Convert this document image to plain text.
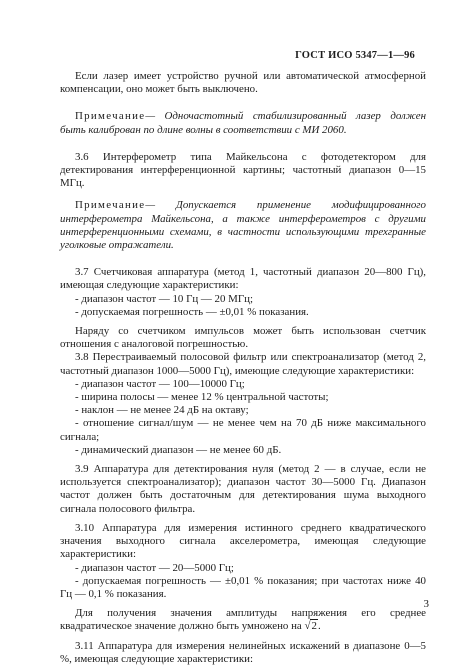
ГОСТ ИСО 5347—1—96

Если лазер имеет устройство ручной или автоматической атмосферной компенсации, оно может быть выключено.

Примечание— Одночастотный стабилизированный лазер должен быть калиброван по длине волны в соответствии с МИ 2060.

3.6 Интерферометр типа Майкельсона с фотодетектором для детектирования интерференционной картины; частотный диапазон 0—15 МГц.

Примечание— Допускается применение модифицированного интерферометра Майкельсона, а также интерферометров с другими интерференционными схемами, в частности использующими трехгранные уголковые отражатели.

3.7 Счетчиковая аппаратура (метод 1, частотный диапазон 20—800 Гц), имеющая следующие характеристики:

- диапазон частот — 10 Гц — 20 МГц;

- допускаемая погрешность — ±0,01 % показания.

Наряду со счетчиком импульсов может быть использован счетчик отношения с аналоговой погрешностью.

3.8 Перестраиваемый полосовой фильтр или спектроанализатор (метод 2, частотный диапазон 1000—5000 Гц), имеющие следующие характеристики:

- диапазон частот — 100—10000 Гц;

- ширина полосы — менее 12 % центральной частоты;

- наклон — не менее 24 дБ на октаву;

- отношение сигнал/шум — не менее чем на 70 дБ ниже максимального сигнала;

- динамический диапазон — не менее 60 дБ.

3.9 Аппаратура для детектирования нуля (метод 2 — в случае, если не используется спектроанализатор); диапазон частот 30—5000 Гц. Диапазон частот должен быть достаточным для детектирования шума выходного сигнала полосового фильтра.

3.10 Аппаратура для измерения истинного среднего квадратического значения выходного сигнала акселерометра, имеющая следующие характеристики:

- диапазон частот — 20—5000 Гц;

- допускаемая погрешность — ±0,01 % показания; при частотах ниже 40 Гц — 0,1 % показания.

Для получения значения амплитуды напряжения его среднее квадратическое значение должно быть умножено на √2.

3.11 Аппаратура для измерения нелинейных искажений в диапазоне 0—5 %, имеющая следующие характеристики:

3
